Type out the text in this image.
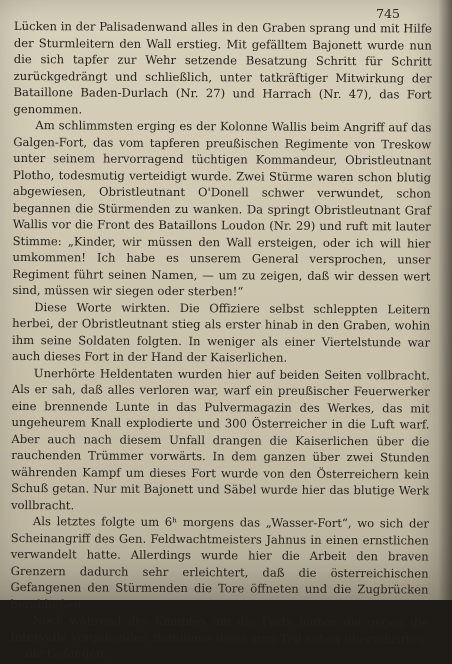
745

Lücken in der Palisadenwand alles in den Graben sprang und mit Hilfe der Sturmleitern den Wall erstieg. Mit gefälltem Bajonett wurde nun die sich tapfer zur Wehr setzende Besatzung Schritt für Schritt zurückgedrängt und schließlich, unter tatkräftiger Mitwirkung der Bataillone Baden-Durlach (Nr. 27) und Harrach (Nr. 47), das Fort genommen.

Am schlimmsten erging es der Kolonne Wallis beim Angriff auf das Galgen-Fort, das vom tapferen preußischen Regimente von Treskow unter seinem hervorragend tüchtigen Kommandeur, Obristleutnant Plotho, todesmutig verteidigt wurde. Zwei Stürme waren schon blutig abgewiesen, Obristleutnant O'Donell schwer verwundet, schon begannen die Stürmenden zu wanken. Da springt Obristleutnant Graf Wallis vor die Front des Bataillons Loudon (Nr. 29) und ruft mit lauter Stimme: „Kinder, wir müssen den Wall ersteigen, oder ich will hier umkommen! Ich habe es unserem General versprochen, unser Regiment führt seinen Namen, — um zu zeigen, daß wir dessen wert sind, müssen wir siegen oder sterben!“

Diese Worte wirkten. Die Offiziere selbst schleppten Leitern herbei, der Obristleutnant stieg als erster hinab in den Graben, wohin ihm seine Soldaten folgten. In weniger als einer Viertelstunde war auch dieses Fort in der Hand der Kaiserlichen.

Unerhörte Heldentaten wurden hier auf beiden Seiten vollbracht. Als er sah, daß alles verloren war, warf ein preußischer Feuerwerker eine brennende Lunte in das Pulvermagazin des Werkes, das mit ungeheurem Knall explodierte und 300 Österreicher in die Luft warf. Aber auch nach diesem Unfall drangen die Kaiserlichen über die rauchenden Trümmer vorwärts. In dem ganzen über zwei Stunden währenden Kampf um dieses Fort wurde von den Österreichern kein Schuß getan. Nur mit Bajonett und Säbel wurde hier das blutige Werk vollbracht.

Als letztes folgte um 6ʰ morgens das „Wasser-Fort“, wo sich der Scheinangriff des Gen. Feldwachtmeisters Jahnus in einen ernstlichen verwandelt hatte. Allerdings wurde hier die Arbeit den braven Grenzern dadurch sehr erleichtert, daß die österreichischen Gefangenen den Stürmenden die Tore öffneten und die Zugbrücken herabließen.

Noch während des Kampfes um die Forts hatten die gegen die Intervalle vorgehenden Bataillone diese zum Teil schon überschritten. … die Gefangen…
